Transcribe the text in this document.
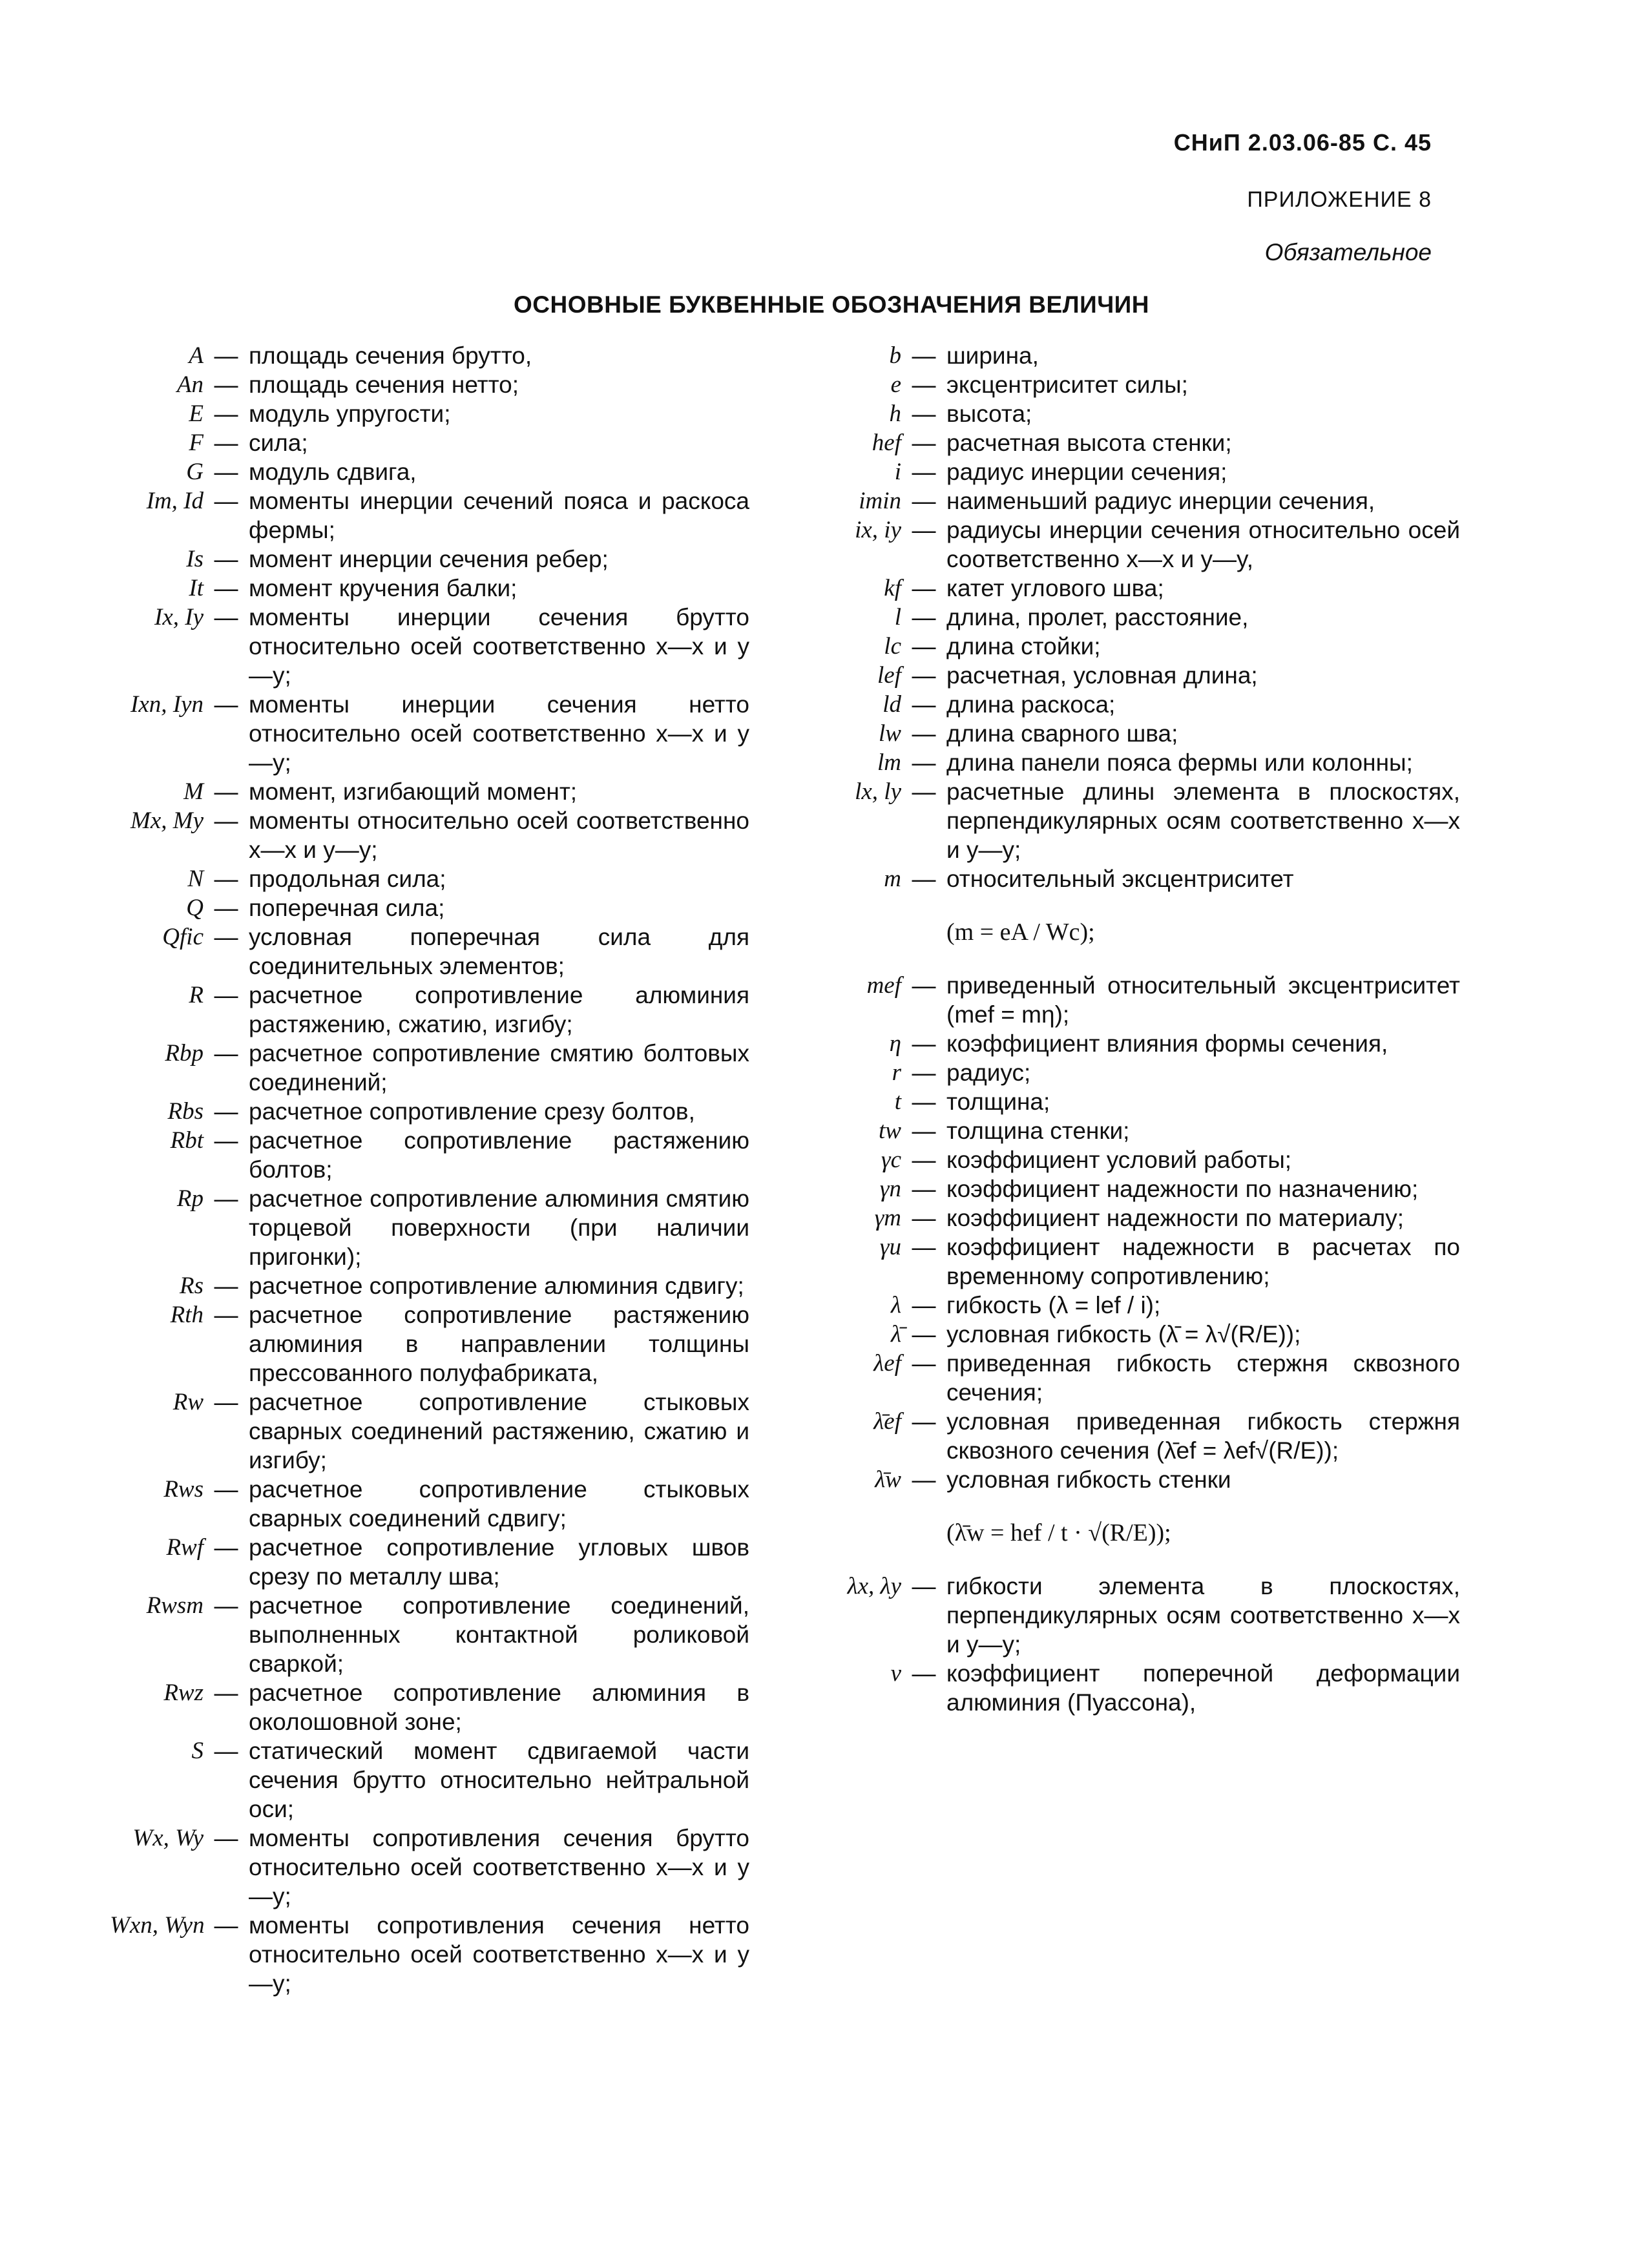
СНиП 2.03.06-85 С. 45
ПРИЛОЖЕНИЕ 8
Обязательное
ОСНОВНЫЕ БУКВЕННЫЕ ОБОЗНАЧЕНИЯ ВЕЛИЧИН
A — площадь сечения брутто,
An — площадь сечения нетто;
E — модуль упругости;
F — сила;
G — модуль сдвига,
Im, Id — моменты инерции сечений пояса и раскоса фермы;
Is — момент инерции сечения ребер;
It — момент кручения балки;
Ix, Iy — моменты инерции сечения брутто относительно осей соответственно x—x и y—y;
Ixn, Iyn — моменты инерции сечения нетто относительно осей соответственно x—x и y—y;
M — момент, изгибающий момент;
Mx, My — моменты относительно осей соответственно x—x и y—y;
N — продольная сила;
Q — поперечная сила;
Qfic — условная поперечная сила для соединительных элементов;
R — расчетное сопротивление алюминия растяжению, сжатию, изгибу;
Rbp — расчетное сопротивление смятию болтовых соединений;
Rbs — расчетное сопротивление срезу болтов,
Rbt — расчетное сопротивление растяжению болтов;
Rp — расчетное сопротивление алюминия смятию торцевой поверхности (при наличии пригонки);
Rs — расчетное сопротивление алюминия сдвигу;
Rth — расчетное сопротивление растяжению алюминия в направлении толщины прессованного полуфабриката,
Rw — расчетное сопротивление стыковых сварных соединений растяжению, сжатию и изгибу;
Rws — расчетное сопротивление стыковых сварных соединений сдвигу;
Rwf — расчетное сопротивление угловых швов срезу по металлу шва;
Rwsm — расчетное сопротивление соединений, выполненных контактной роликовой сваркой;
Rwz — расчетное сопротивление алюминия в околошовной зоне;
S — статический момент сдвигаемой части сечения брутто относительно нейтральной оси;
Wx, Wy — моменты сопротивления сечения брутто относительно осей соответственно x—x и y—y;
Wxn, Wyn — моменты сопротивления сечения нетто относительно осей соответственно x—x и y—y;
b — ширина,
e — эксцентриситет силы;
h — высота;
hef — расчетная высота стенки;
i — радиус инерции сечения;
imin — наименьший радиус инерции сечения,
ix, iy — радиусы инерции сечения относительно осей соответственно x—x и y—y,
kf — катет углового шва;
l — длина, пролет, расстояние,
lc — длина стойки;
lef — расчетная, условная длина;
ld — длина раскоса;
lw — длина сварного шва;
lm — длина панели пояса фермы или колонны;
lx, ly — расчетные длины элемента в плоскостях, перпендикулярных осям соответственно x—x и y—y;
m — относительный эксцентриситет
(m = eA / Wc);
mef — приведенный относительный эксцентриситет (mef = mη);
η — коэффициент влияния формы сечения,
r — радиус;
t — толщина;
tw — толщина стенки;
γc — коэффициент условий работы;
γn — коэффициент надежности по назначению;
γm — коэффициент надежности по материалу;
γu — коэффициент надежности в расчетах по временному сопротивлению;
λ — гибкость (λ = lef / i);
λ̄ — условная гибкость (λ̄ = λ√(R/E));
λef — приведенная гибкость стержня сквозного сечения;
λ̄ef — условная приведенная гибкость стержня сквозного сечения (λ̄ef = λef√(R/E));
λ̄w — условная гибкость стенки
(λ̄w = hef / t · √(R/E));
λx, λy — гибкости элемента в плоскостях, перпендикулярных осям соответственно x—x и y—y;
ν — коэффициент поперечной деформации алюминия (Пуассона),
